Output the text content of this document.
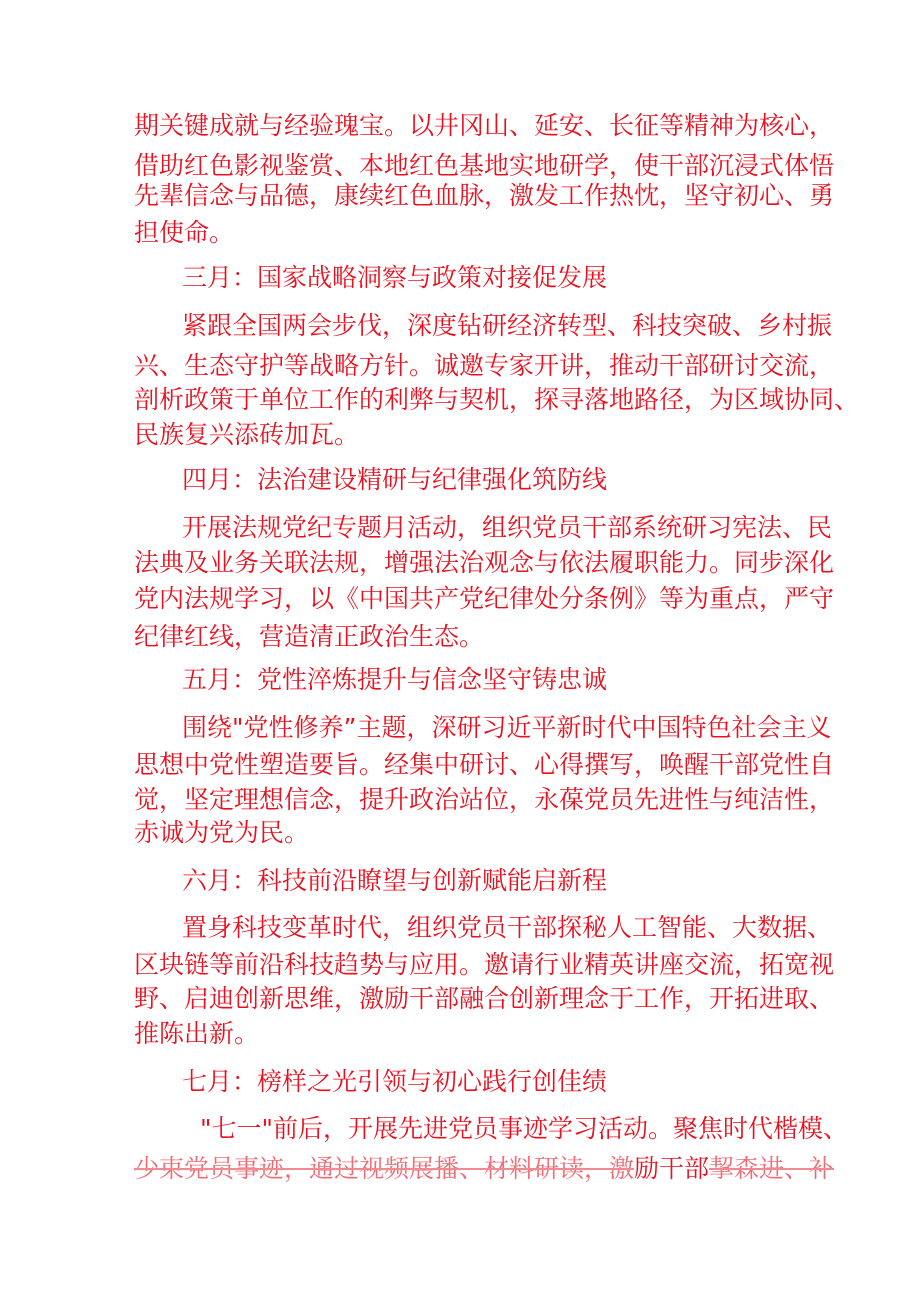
期关键成就与经验瑰宝。以井冈山、延安、长征等精神为核心，
借助红色影视鉴赏、本地红色基地实地研学，使干部沉浸式体悟
先辈信念与品德，康续红色血脉，激发工作热忱，坚守初心、勇
担使命。
三月：国家战略洞察与政策对接促发展
紧跟全国两会步伐，深度钻研经济转型、科技突破、乡村振
兴、生态守护等战略方针。诚邀专家开讲，推动干部研讨交流，
剖析政策于单位工作的利弊与契机，探寻落地路径，为区域协同、
民族复兴添砖加瓦。
四月：法治建设精研与纪律强化筑防线
开展法规党纪专题月活动，组织党员干部系统研习宪法、民
法典及业务关联法规，增强法治观念与依法履职能力。同步深化
党内法规学习，以《中国共产党纪律处分条例》等为重点，严守
纪律红线，营造清正政治生态。
五月：党性淬炼提升与信念坚守铸忠诚
围绕"党性修养”主题，深研习近平新时代中国特色社会主义
思想中党性塑造要旨。经集中研讨、心得撰写，唤醒干部党性自
觉，坚定理想信念，提升政治站位，永葆党员先进性与纯洁性，
赤诚为党为民。
六月：科技前沿瞭望与创新赋能启新程
置身科技变革时代，组织党员干部探秘人工智能、大数据、
区块链等前沿科技趋势与应用。邀请行业精英讲座交流，拓宽视
野、启迪创新思维，激励干部融合创新理念于工作，开拓进取、
推陈出新。
七月：榜样之光引领与初心践行创佳绩
"七一"前后，开展先进党员事迹学习活动。聚焦时代楷模、
少束党员事迹，通过视频展播、材料研读，激励干部挈森进、补
